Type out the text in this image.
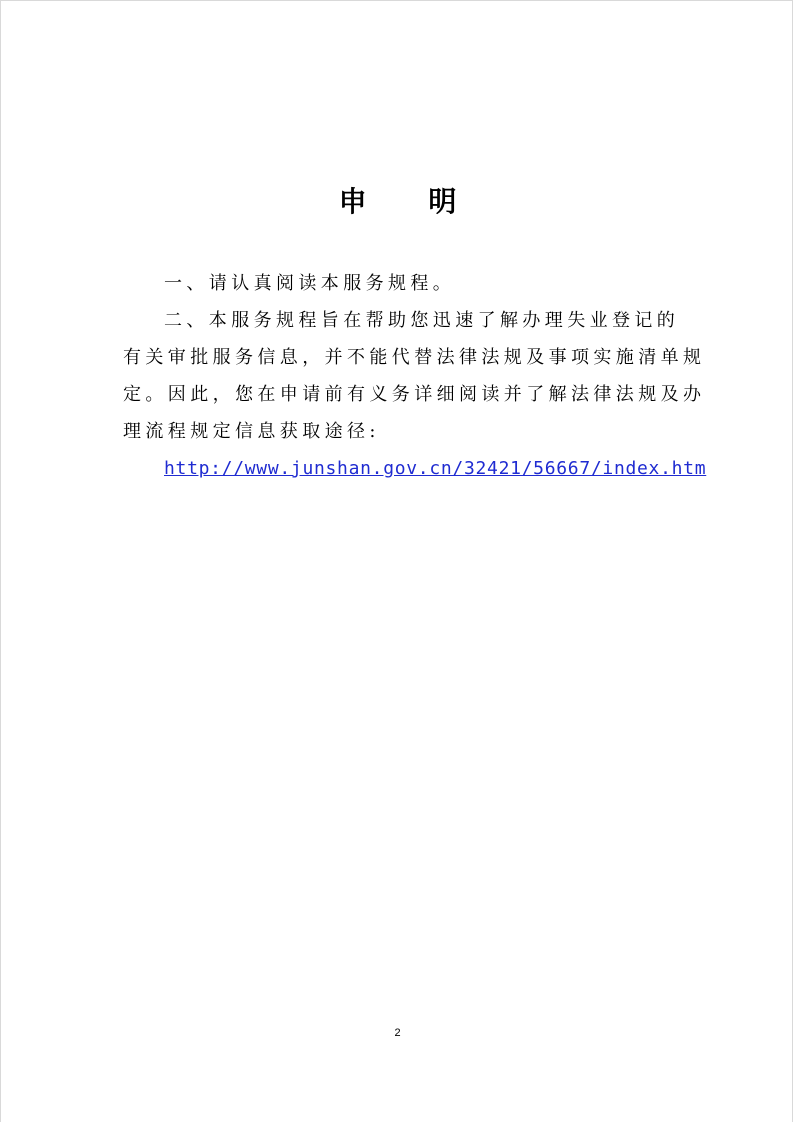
申 明
一、请认真阅读本服务规程。
二、本服务规程旨在帮助您迅速了解办理失业登记的
有关审批服务信息，并不能代替法律法规及事项实施清单规
定。因此，您在申请前有义务详细阅读并了解法律法规及办
理流程规定信息获取途径:
http://www.junshan.gov.cn/32421/56667/index.htm
2
